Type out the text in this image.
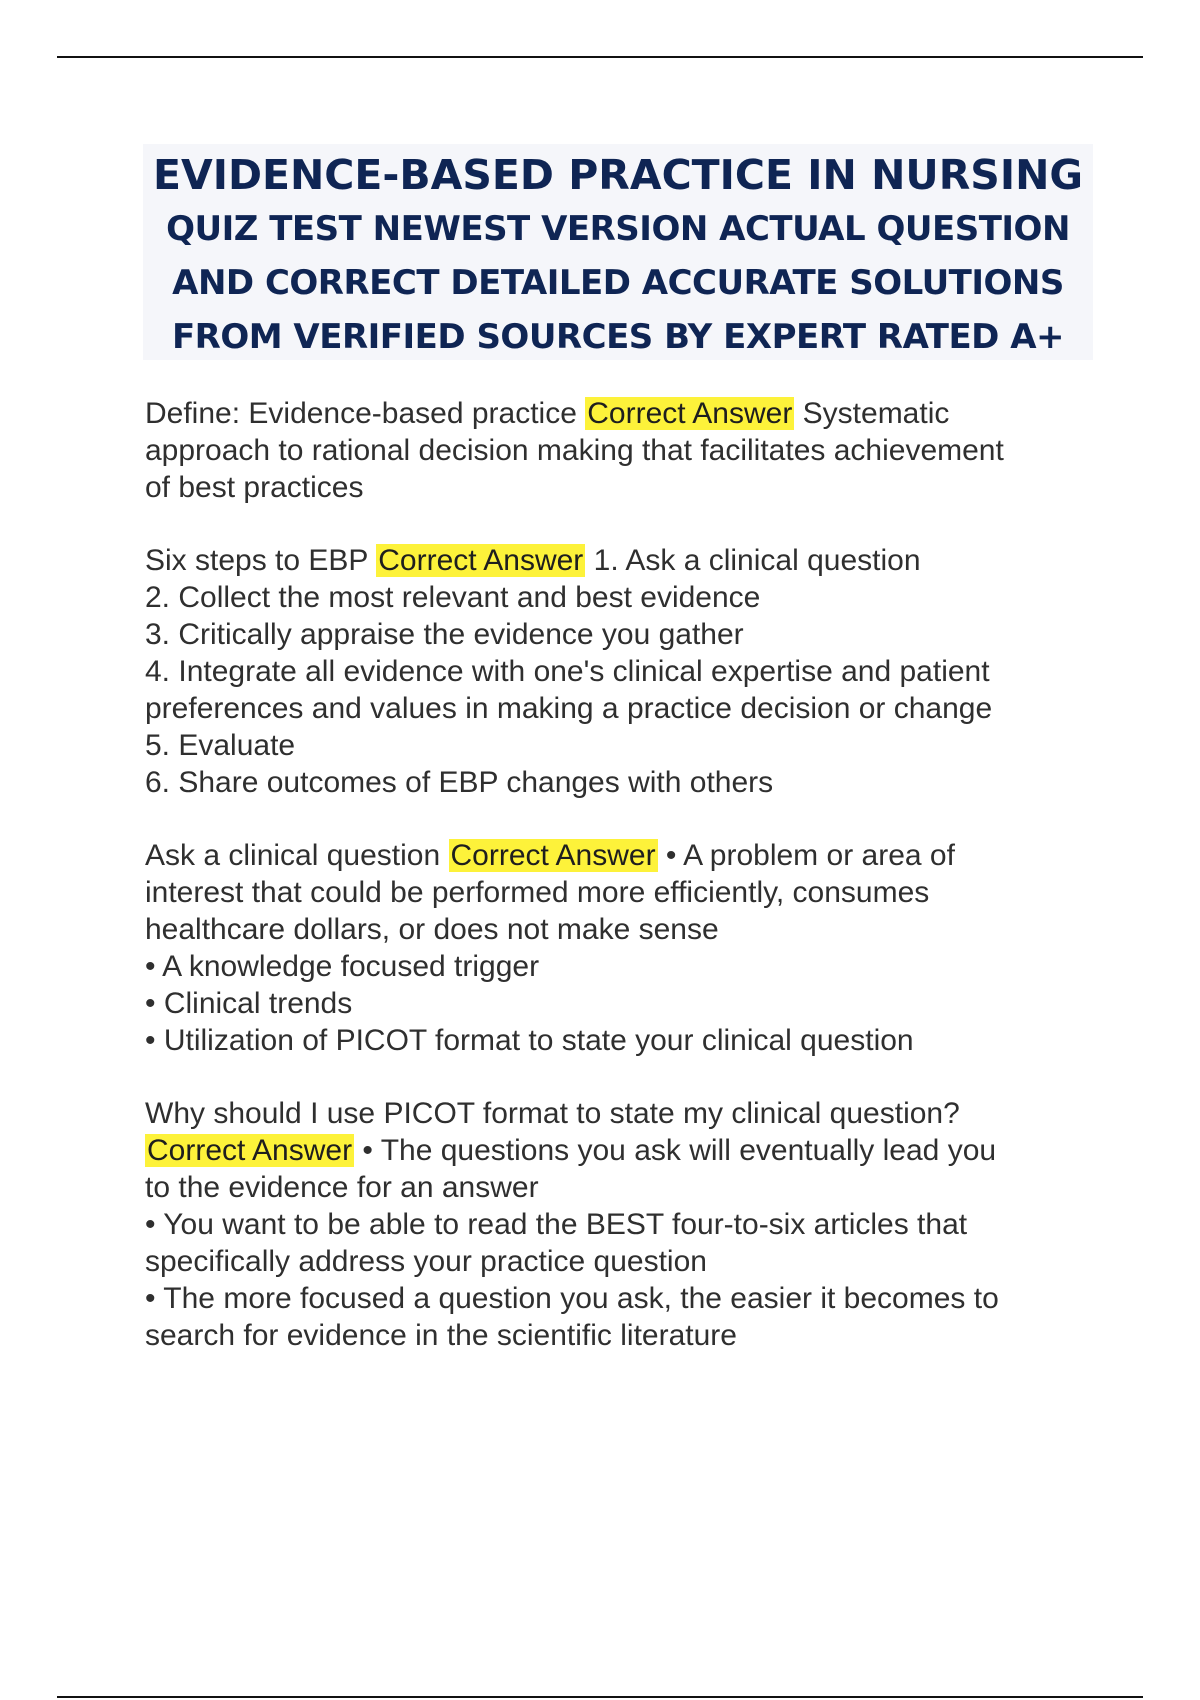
EVIDENCE-BASED PRACTICE IN NURSING
QUIZ TEST NEWEST VERSION ACTUAL QUESTION
AND CORRECT DETAILED ACCURATE SOLUTIONS
FROM VERIFIED SOURCES BY EXPERT RATED A+
Define: Evidence-based practice Correct Answer Systematic
approach to rational decision making that facilitates achievement
of best practices
Six steps to EBP Correct Answer 1. Ask a clinical question
2. Collect the most relevant and best evidence
3. Critically appraise the evidence you gather
4. Integrate all evidence with one's clinical expertise and patient
preferences and values in making a practice decision or change
5. Evaluate
6. Share outcomes of EBP changes with others
Ask a clinical question Correct Answer • A problem or area of
interest that could be performed more efficiently, consumes
healthcare dollars, or does not make sense
• A knowledge focused trigger
• Clinical trends
• Utilization of PICOT format to state your clinical question
Why should I use PICOT format to state my clinical question?
Correct Answer • The questions you ask will eventually lead you
to the evidence for an answer
• You want to be able to read the BEST four-to-six articles that
specifically address your practice question
• The more focused a question you ask, the easier it becomes to
search for evidence in the scientific literature
